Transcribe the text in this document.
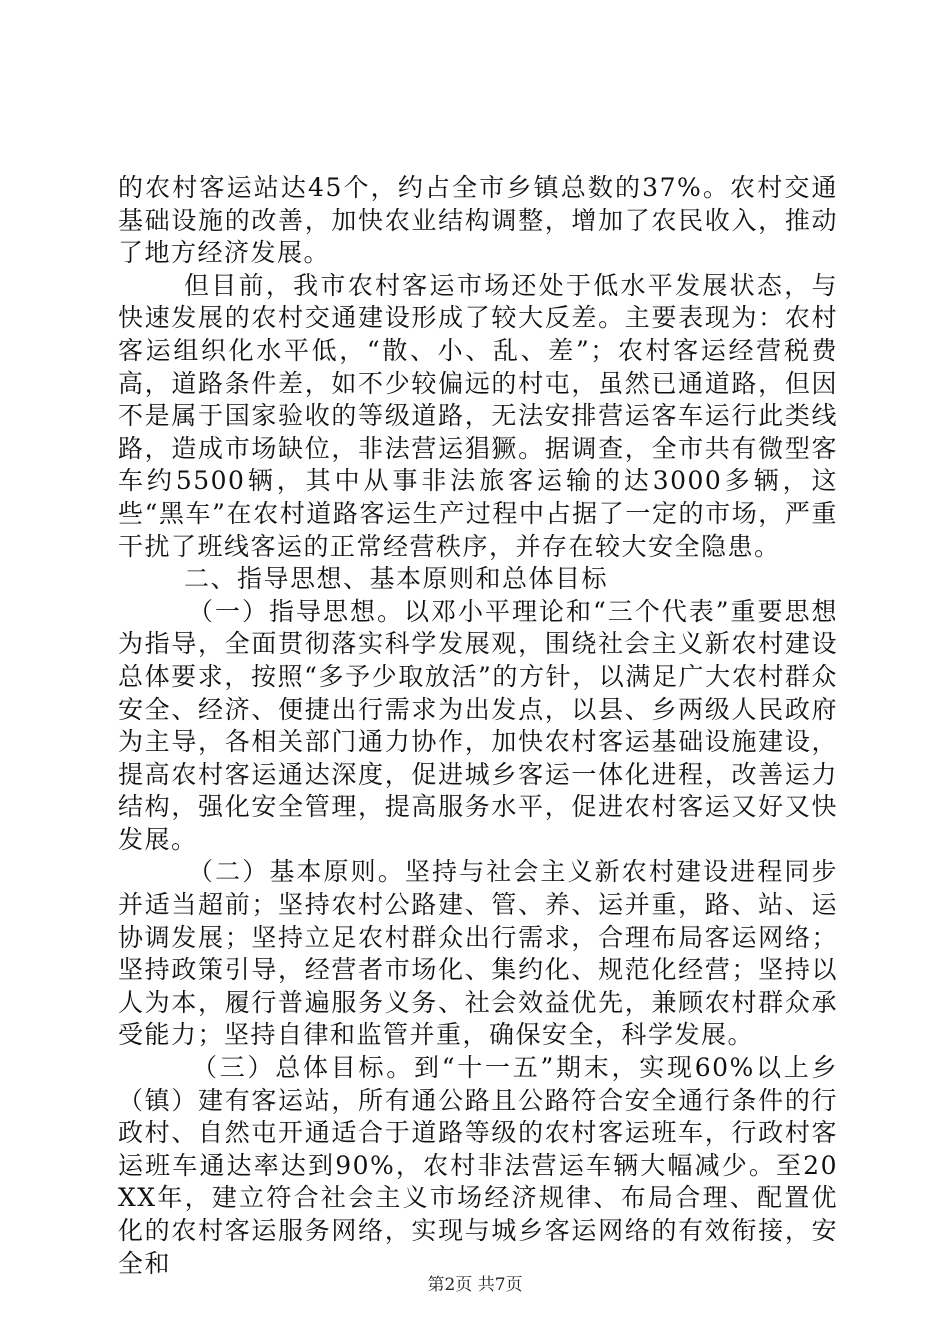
的农村客运站达45个，约占全市乡镇总数的37%。农村交通基础设施的改善，加快农业结构调整，增加了农民收入，推动了地方经济发展。

但目前，我市农村客运市场还处于低水平发展状态，与快速发展的农村交通建设形成了较大反差。主要表现为：农村客运组织化水平低，“散、小、乱、差”；农村客运经营税费高，道路条件差，如不少较偏远的村屯，虽然已通道路，但因不是属于国家验收的等级道路，无法安排营运客车运行此类线路，造成市场缺位，非法营运猖獗。据调查，全市共有微型客车约5500辆，其中从事非法旅客运输的达3000多辆，这些“黑车”在农村道路客运生产过程中占据了一定的市场，严重干扰了班线客运的正常经营秩序，并存在较大安全隐患。

二、指导思想、基本原则和总体目标

（一）指导思想。以邓小平理论和“三个代表”重要思想为指导，全面贯彻落实科学发展观，围绕社会主义新农村建设总体要求，按照“多予少取放活”的方针，以满足广大农村群众安全、经济、便捷出行需求为出发点，以县、乡两级人民政府为主导，各相关部门通力协作，加快农村客运基础设施建设，提高农村客运通达深度，促进城乡客运一体化进程，改善运力结构，强化安全管理，提高服务水平，促进农村客运又好又快发展。

（二）基本原则。坚持与社会主义新农村建设进程同步并适当超前；坚持农村公路建、管、养、运并重，路、站、运协调发展；坚持立足农村群众出行需求，合理布局客运网络；坚持政策引导，经营者市场化、集约化、规范化经营；坚持以人为本，履行普遍服务义务、社会效益优先，兼顾农村群众承受能力；坚持自律和监管并重，确保安全，科学发展。

（三）总体目标。到“十一五”期末，实现60%以上乡（镇）建有客运站，所有通公路且公路符合安全通行条件的行政村、自然屯开通适合于道路等级的农村客运班车，行政村客运班车通达率达到90%，农村非法营运车辆大幅减少。至20XX年，建立符合社会主义市场经济规律、布局合理、配置优化的农村客运服务网络，实现与城乡客运网络的有效衔接，安全和

第2页 共7页
